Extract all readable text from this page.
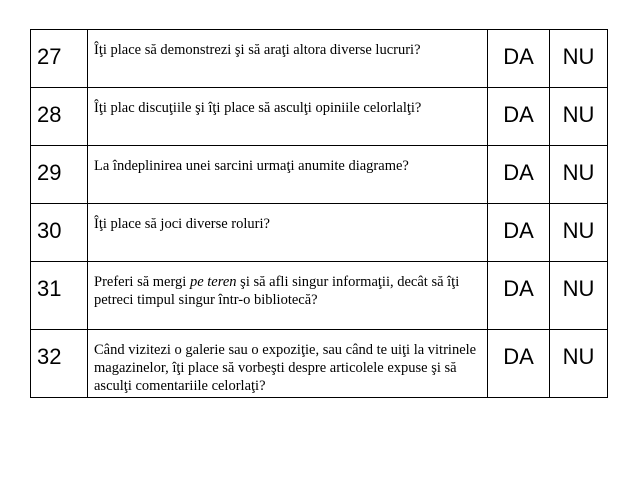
27	Îţi place să demonstrezi şi să araţi altora diverse lucruri?	DA	NU
28	Îţi plac discuţiile şi îţi place să asculţi opiniile celorlalţi?	DA	NU
29	La îndeplinirea unei sarcini urmaţi anumite diagrame?	DA	NU
30	Îţi place să joci diverse roluri?	DA	NU
31	Preferi să mergi pe teren şi să afli singur informaţii, decât să îţi petreci timpul singur într-o bibliotecă?	DA	NU
32	Când vizitezi o galerie sau o expoziţie, sau când te uiţi la vitrinele magazinelor, îţi place să vorbeşti despre articolele expuse şi să asculţi comentariile celorlaţi?	DA	NU
